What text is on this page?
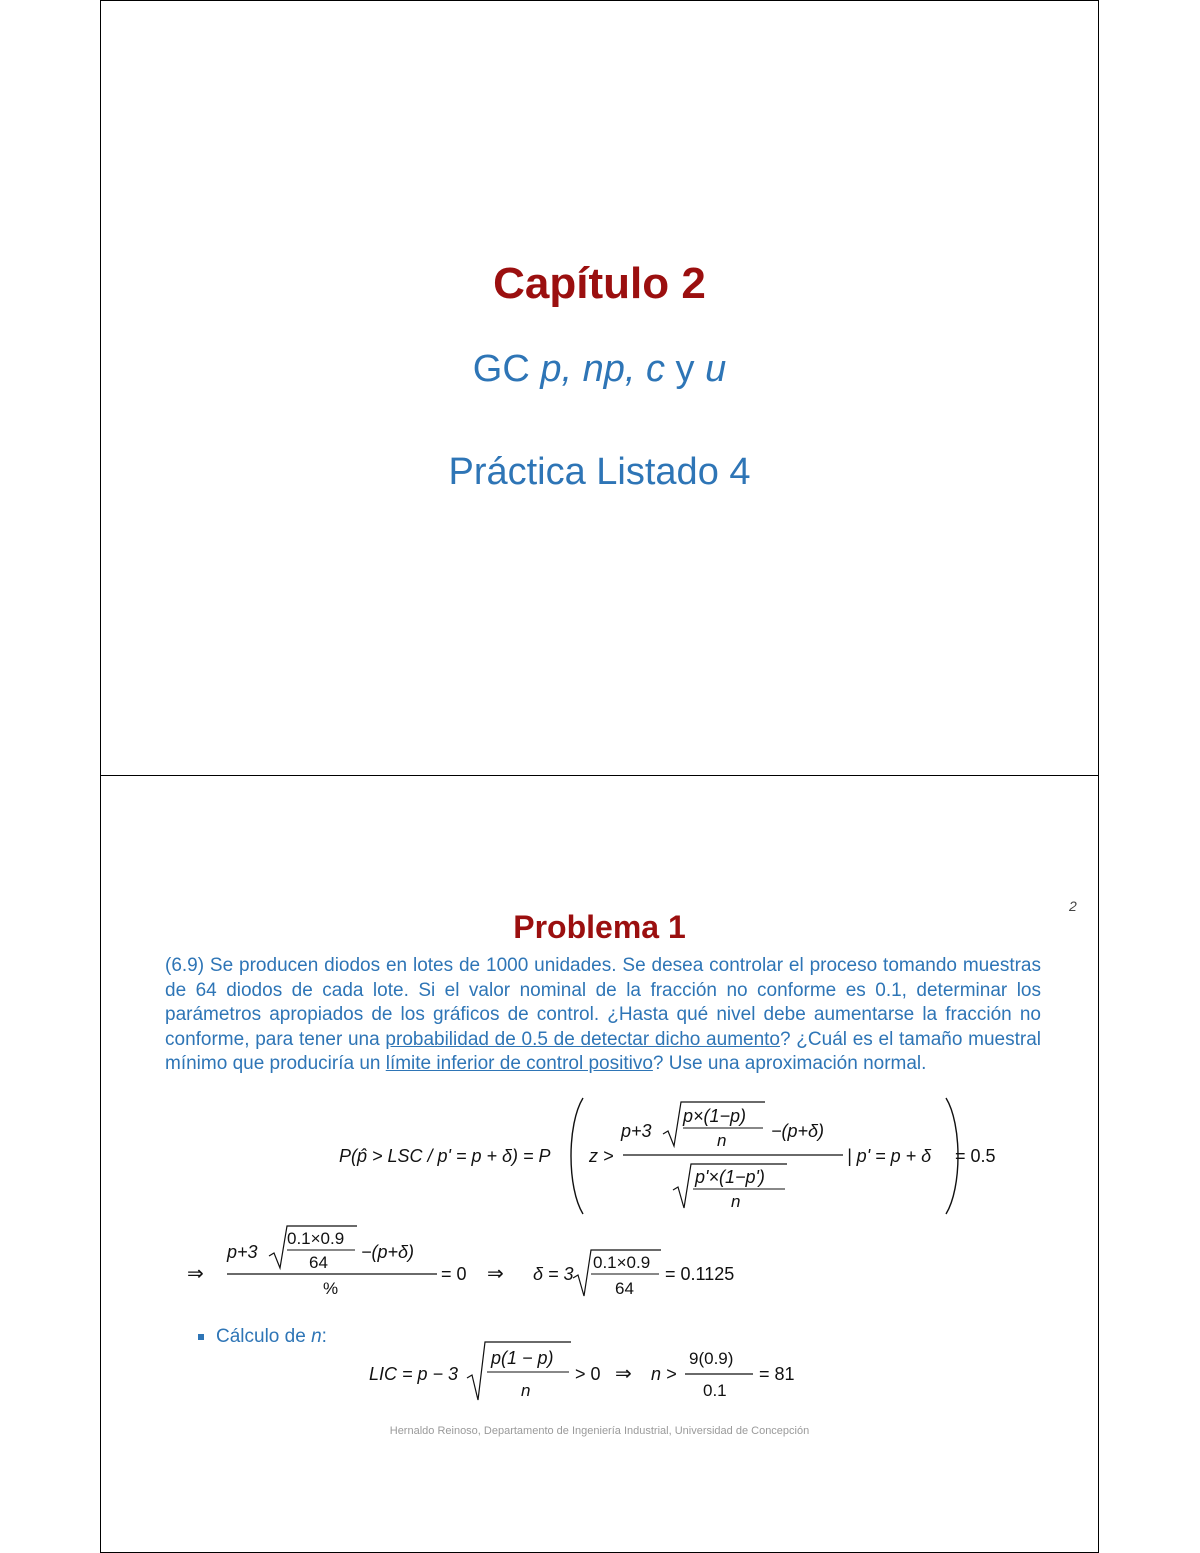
Capítulo 2
GC p, np, c y u
Práctica Listado 4
2
Problema 1
(6.9) Se producen diodos en lotes de 1000 unidades. Se desea controlar el proceso tomando muestras de 64 diodos de cada lote. Si el valor nominal de la fracción no conforme es 0.1, determinar los parámetros apropiados de los gráficos de control. ¿Hasta qué nivel debe aumentarse la fracción no conforme, para tener una probabilidad de 0.5 de detectar dicho aumento? ¿Cuál es el tamaño muestral mínimo que produciría un límite inferior de control positivo? Use una aproximación normal.
P(p̂ > LSC / p' = p + δ) = P z >
p+3
p×(1−p)
n −(p+δ)
p'×(1−p')
n
| p' = p + δ = 0.5
⇒
p+3
0.1×0.9
64
−(p+δ)
%
= 0 ⇒ δ = 3
0.1×0.9
64
= 0.1125
Cálculo de n:
LIC = p − 3
p(1 − p)
n
> 0 ⇒ n >
9(0.9)
0.1
= 81
Hernaldo Reinoso, Departamento de Ingeniería Industrial, Universidad de Concepción
